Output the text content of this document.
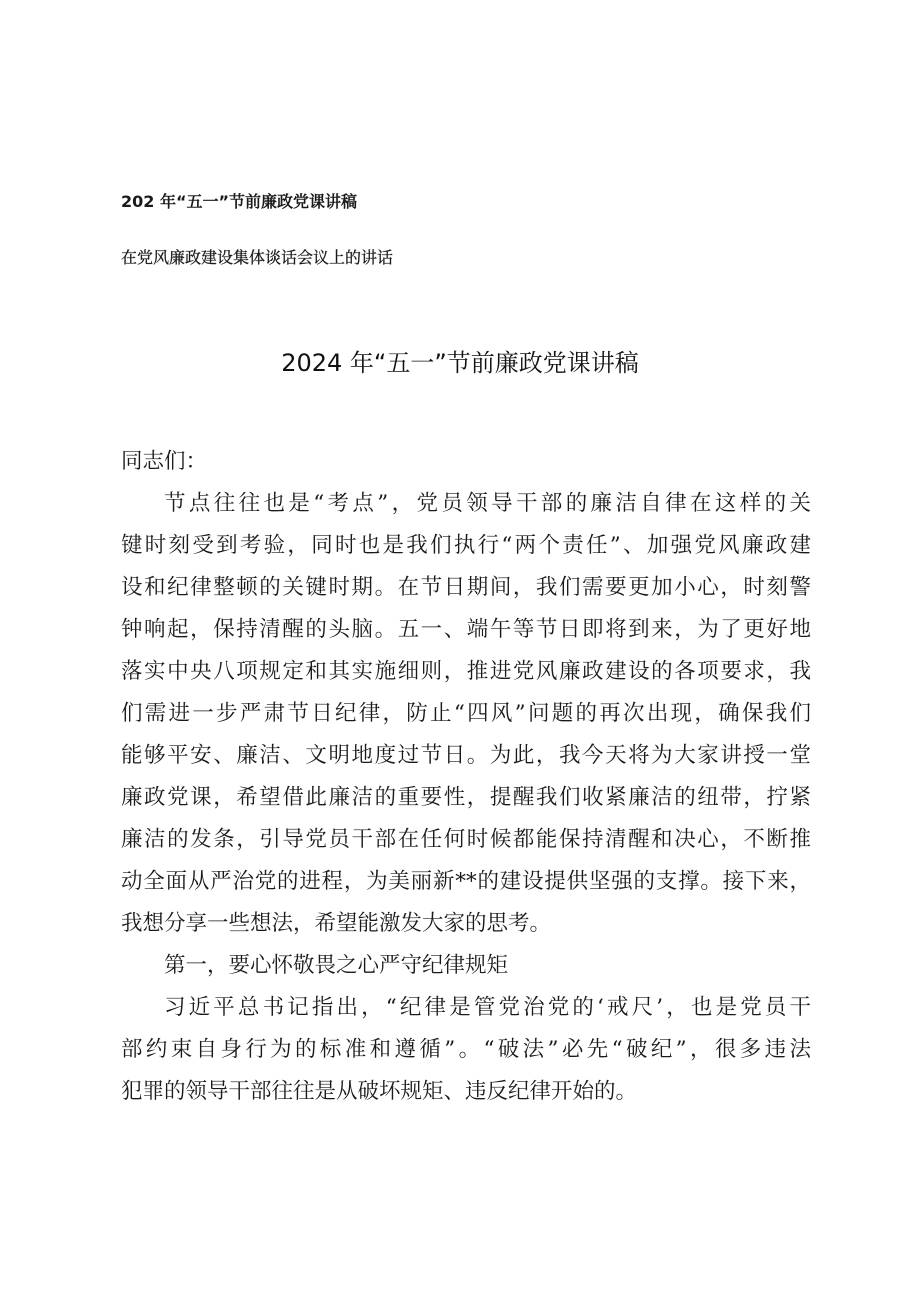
202 年“五一”节前廉政党课讲稿
在党风廉政建设集体谈话会议上的讲话
2024 年“五一”节前廉政党课讲稿
同志们：
节点往往也是“考点”，党员领导干部的廉洁自律在这样的关
键时刻受到考验，同时也是我们执行“两个责任”、加强党风廉政建
设和纪律整顿的关键时期。在节日期间，我们需要更加小心，时刻警
钟响起，保持清醒的头脑。五一、端午等节日即将到来，为了更好地
落实中央八项规定和其实施细则，推进党风廉政建设的各项要求，我
们需进一步严肃节日纪律，防止“四风”问题的再次出现，确保我们
能够平安、廉洁、文明地度过节日。为此，我今天将为大家讲授一堂
廉政党课，希望借此廉洁的重要性，提醒我们收紧廉洁的纽带，拧紧
廉洁的发条，引导党员干部在任何时候都能保持清醒和决心，不断推
动全面从严治党的进程，为美丽新**的建设提供坚强的支撑。接下来，
我想分享一些想法，希望能激发大家的思考。
第一，要心怀敬畏之心严守纪律规矩
习近平总书记指出，“纪律是管党治党的‘戒尺’，也是党员干
部约束自身行为的标准和遵循”。“破法”必先“破纪”，很多违法
犯罪的领导干部往往是从破坏规矩、违反纪律开始的。
